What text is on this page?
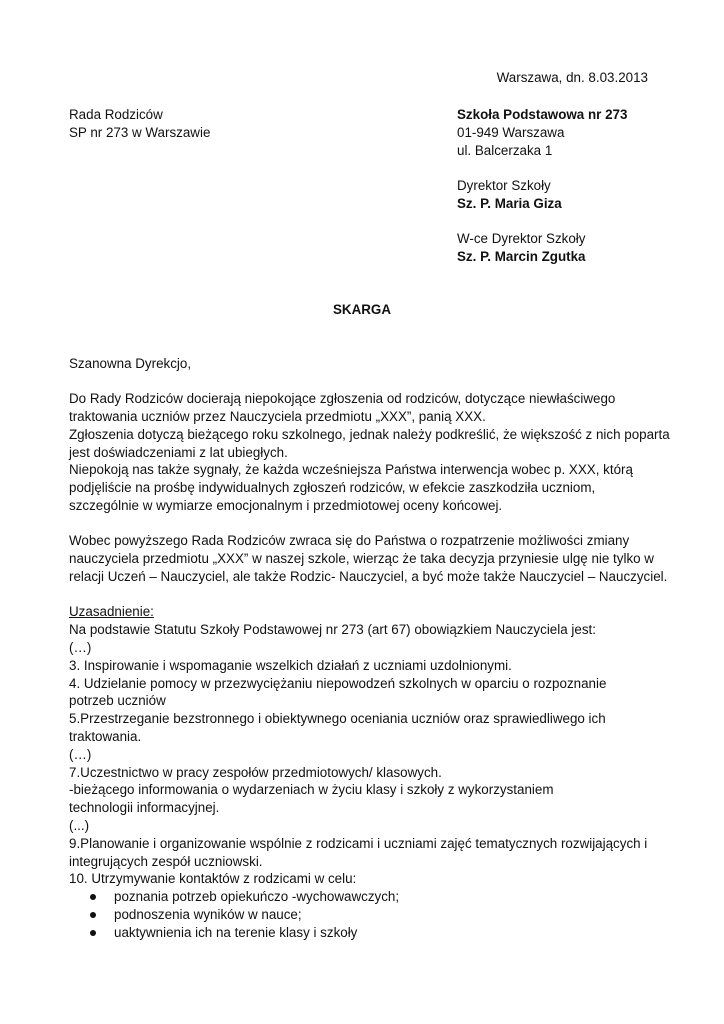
Warszawa, dn. 8.03.2013
Rada Rodziców
SP nr 273 w Warszawie
Szkoła Podstawowa nr 273
01-949 Warszawa
ul. Balcerzaka 1
Dyrektor Szkoły
Sz. P. Maria Giza
W-ce Dyrektor Szkoły
Sz. P. Marcin Zgutka
SKARGA
Szanowna Dyrekcjo,
Do Rady Rodziców docierają niepokojące zgłoszenia od rodziców, dotyczące niewłaściwego
traktowania uczniów przez Nauczyciela przedmiotu „XXX”, panią XXX.
Zgłoszenia dotyczą bieżącego roku szkolnego, jednak należy podkreślić, że większość z nich poparta
jest doświadczeniami z lat ubiegłych.
Niepokoją nas także sygnały, że każda wcześniejsza Państwa interwencja wobec p. XXX, którą
podjęliście na prośbę indywidualnych zgłoszeń rodziców, w efekcie zaszkodziła uczniom,
szczególnie w wymiarze emocjonalnym i przedmiotowej oceny końcowej.
Wobec powyższego Rada Rodziców zwraca się do Państwa o rozpatrzenie możliwości zmiany
nauczyciela przedmiotu „XXX” w naszej szkole, wierząc że taka decyzja przyniesie ulgę nie tylko w
relacji Uczeń – Nauczyciel, ale także Rodzic- Nauczyciel, a być może także Nauczyciel – Nauczyciel.
Uzasadnienie:
Na podstawie Statutu Szkoły Podstawowej nr 273 (art 67) obowiązkiem Nauczyciela jest:
(…)
3. Inspirowanie i wspomaganie wszelkich działań z uczniami uzdolnionymi.
4. Udzielanie pomocy w przezwyciężaniu niepowodzeń szkolnych w oparciu o rozpoznanie
potrzeb uczniów
5.Przestrzeganie bezstronnego i obiektywnego oceniania uczniów oraz sprawiedliwego ich
traktowania.
(…)
7.Uczestnictwo w pracy zespołów przedmiotowych/ klasowych.
-bieżącego informowania o wydarzeniach w życiu klasy i szkoły z wykorzystaniem
technologii informacyjnej.
(...)
9.Planowanie i organizowanie wspólnie z rodzicami i uczniami zajęć tematycznych rozwijających i
integrujących zespół uczniowski.
10. Utrzymywanie kontaktów z rodzicami w celu:
poznania potrzeb opiekuńczo -wychowawczych;
podnoszenia wyników w nauce;
uaktywnienia ich na terenie klasy i szkoły
